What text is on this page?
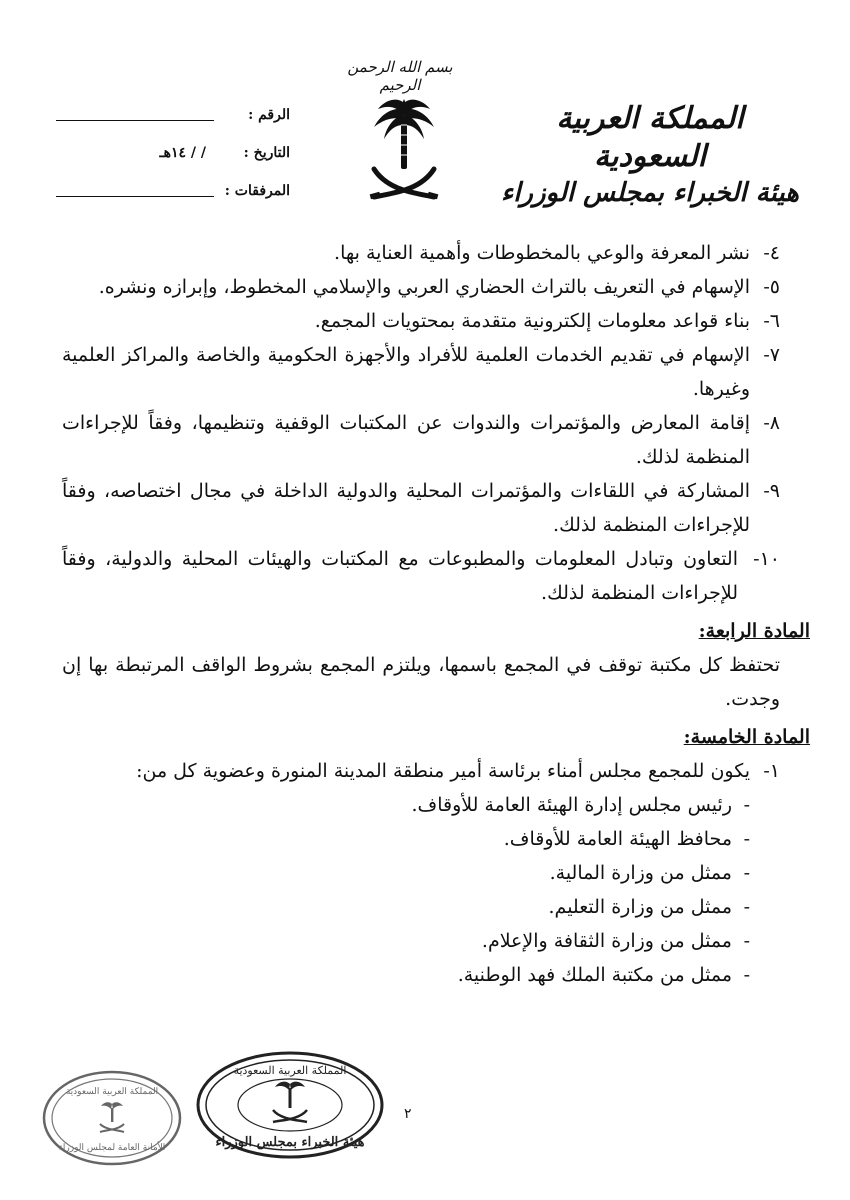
بسم الله الرحمن الرحيم
المملكة العربية السعودية
هيئة الخبراء بمجلس الوزراء
الرقم :
التاريخ :
/ / ١٤هـ
المرفقات :
٤-
نشر المعرفة والوعي بالمخطوطات وأهمية العناية بها.
٥-
الإسهام في التعريف بالتراث الحضاري العربي والإسلامي المخطوط، وإبرازه ونشره.
٦-
بناء قواعد معلومات إلكترونية متقدمة بمحتويات المجمع.
٧-
الإسهام في تقديم الخدمات العلمية للأفراد والأجهزة الحكومية والخاصة والمراكز العلمية وغيرها.
٨-
إقامة المعارض والمؤتمرات والندوات عن المكتبات الوقفية وتنظيمها، وفقاً للإجراءات المنظمة لذلك.
٩-
المشاركة في اللقاءات والمؤتمرات المحلية والدولية الداخلة في مجال اختصاصه، وفقاً للإجراءات المنظمة لذلك.
١٠-
التعاون وتبادل المعلومات والمطبوعات مع المكتبات والهيئات المحلية والدولية، وفقاً للإجراءات المنظمة لذلك.
المادة الرابعة:
تحتفظ كل مكتبة توقف في المجمع باسمها، ويلتزم المجمع بشروط الواقف المرتبطة بها إن وجدت.
المادة الخامسة:
١-
يكون للمجمع مجلس أمناء برئاسة أمير منطقة المدينة المنورة وعضوية كل من:
-
رئيس مجلس إدارة الهيئة العامة للأوقاف.
-
محافظ الهيئة العامة للأوقاف.
-
ممثل من وزارة المالية.
-
ممثل من وزارة التعليم.
-
ممثل من وزارة الثقافة والإعلام.
-
ممثل من مكتبة الملك فهد الوطنية.
٢
المملكة العربية السعودية
هيئة الخبراء بمجلس الوزراء
المملكة العربية السعودية
الأمانة العامة لمجلس الوزراء
